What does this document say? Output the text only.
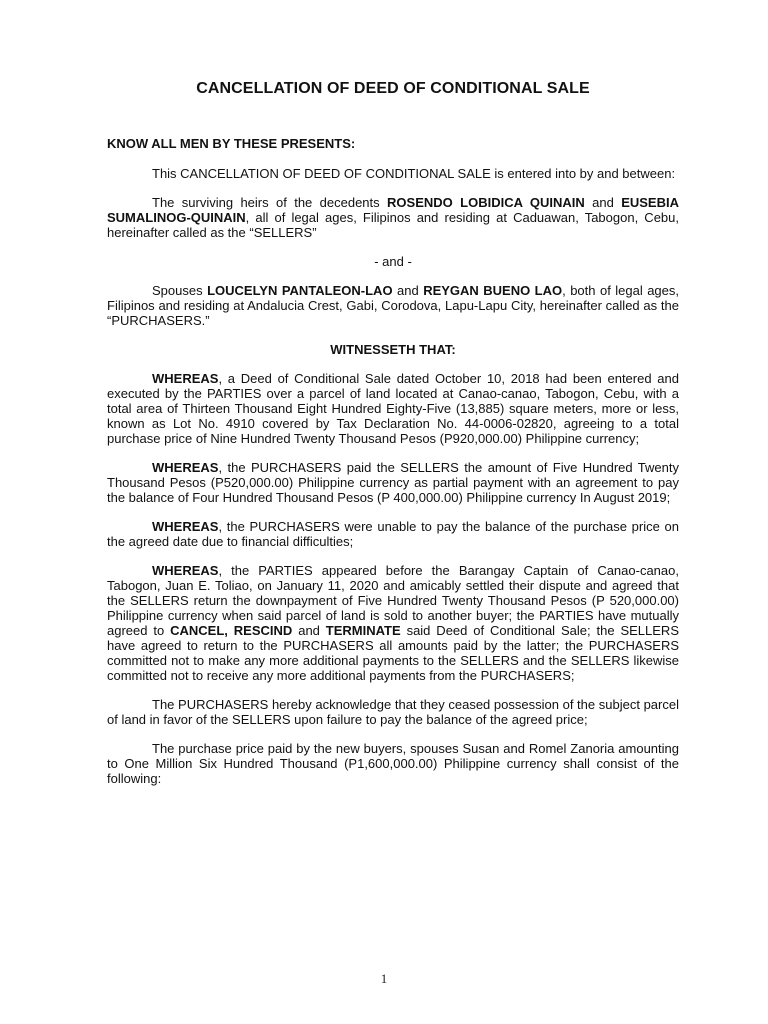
CANCELLATION OF DEED OF CONDITIONAL SALE
KNOW ALL MEN BY THESE PRESENTS:

This CANCELLATION OF DEED OF CONDITIONAL SALE is entered into by and between:

The surviving heirs of the decedents ROSENDO LOBIDICA QUINAIN and EUSEBIA SUMALINOG-QUINAIN, all of legal ages, Filipinos and residing at Caduawan, Tabogon, Cebu, hereinafter called as the “SELLERS”

- and -

Spouses LOUCELYN PANTALEON-LAO and REYGAN BUENO LAO, both of legal ages, Filipinos and residing at Andalucia Crest, Gabi, Corodova, Lapu-Lapu City, hereinafter called as the “PURCHASERS.”

WITNESSETH THAT:

WHEREAS, a Deed of Conditional Sale dated October 10, 2018 had been entered and executed by the PARTIES over a parcel of land located at Canao-canao, Tabogon, Cebu, with a total area of Thirteen Thousand Eight Hundred Eighty-Five (13,885) square meters, more or less, known as Lot No. 4910 covered by Tax Declaration No. 44-0006-02820, agreeing to a total purchase price of Nine Hundred Twenty Thousand Pesos (P920,000.00) Philippine currency;

WHEREAS, the PURCHASERS paid the SELLERS the amount of Five Hundred Twenty Thousand Pesos (P520,000.00) Philippine currency as partial payment with an agreement to pay the balance of Four Hundred Thousand Pesos (P 400,000.00) Philippine currency In August 2019;

WHEREAS, the PURCHASERS were unable to pay the balance of the purchase price on the agreed date due to financial difficulties;

WHEREAS, the PARTIES appeared before the Barangay Captain of Canao-canao, Tabogon, Juan E. Toliao, on January 11, 2020 and amicably settled their dispute and agreed that the SELLERS return the downpayment of Five Hundred Twenty Thousand Pesos (P 520,000.00) Philippine currency when said parcel of land is sold to another buyer; the PARTIES have mutually agreed to CANCEL, RESCIND and TERMINATE said Deed of Conditional Sale; the SELLERS have agreed to return to the PURCHASERS all amounts paid by the latter; the PURCHASERS committed not to make any more additional payments to the SELLERS and the SELLERS likewise committed not to receive any more additional payments from the PURCHASERS;

The PURCHASERS hereby acknowledge that they ceased possession of the subject parcel of land in favor of the SELLERS upon failure to pay the balance of the agreed price;

The purchase price paid by the new buyers, spouses Susan and Romel Zanoria amounting to One Million Six Hundred Thousand (P1,600,000.00) Philippine currency shall consist of the following:

1
